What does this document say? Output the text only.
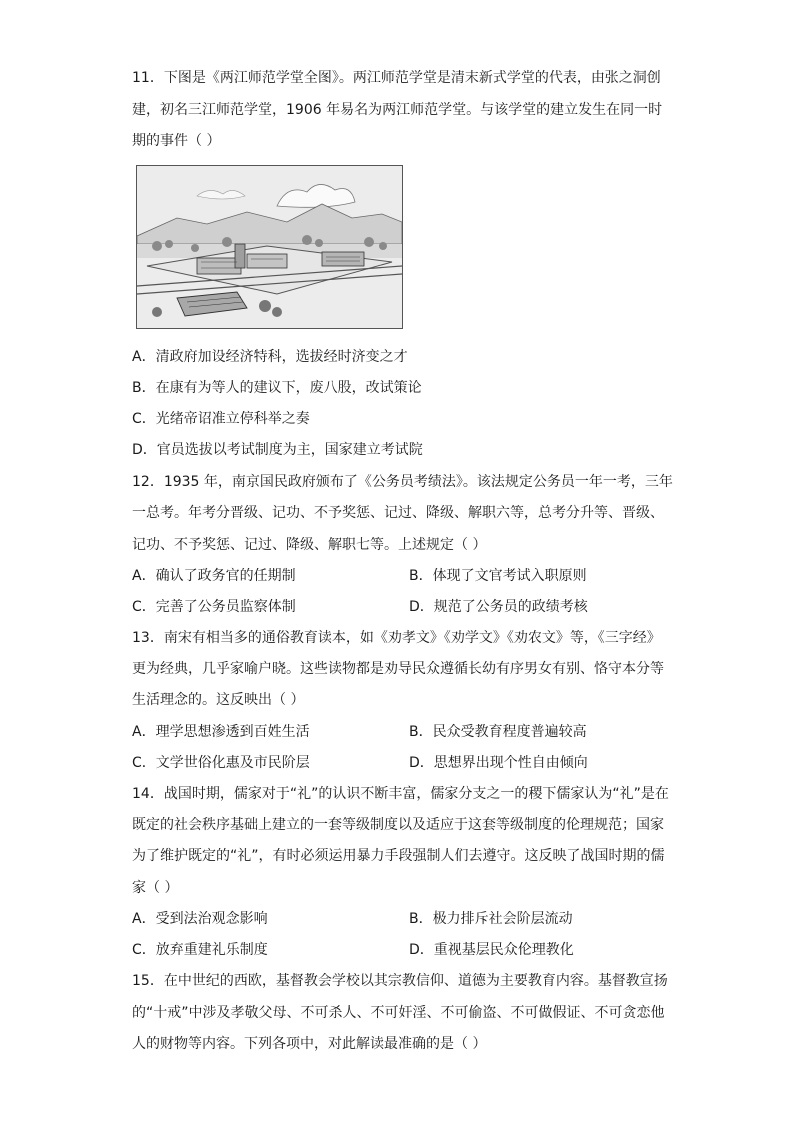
11．下图是《两江师范学堂全图》。两江师范学堂是清末新式学堂的代表，由张之洞创
建，初名三江师范学堂，1906 年易名为两江师范学堂。与该学堂的建立发生在同一时
期的事件（ ）
A．清政府加设经济特科，选拔经时济变之才
B．在康有为等人的建议下，废八股，改试策论
C．光绪帝诏准立停科举之奏
D．官员选拔以考试制度为主，国家建立考试院
12．1935 年，南京国民政府颁布了《公务员考绩法》。该法规定公务员一年一考，三年
一总考。年考分晋级、记功、不予奖惩、记过、降级、解职六等，总考分升等、晋级、
记功、不予奖惩、记过、降级、解职七等。上述规定（ ）
A．确认了政务官的任期制	B．体现了文官考试入职原则
C．完善了公务员监察体制	D．规范了公务员的政绩考核
13．南宋有相当多的通俗教育读本，如《劝孝文》《劝学文》《劝农文》等，《三字经》
更为经典，几乎家喻户晓。这些读物都是劝导民众遵循长幼有序男女有别、恪守本分等
生活理念的。这反映出（ ）
A．理学思想渗透到百姓生活	B．民众受教育程度普遍较高
C．文学世俗化惠及市民阶层	D．思想界出现个性自由倾向
14．战国时期，儒家对于“礼”的认识不断丰富，儒家分支之一的稷下儒家认为“礼”是在
既定的社会秩序基础上建立的一套等级制度以及适应于这套等级制度的伦理规范；国家
为了维护既定的“礼”，有时必须运用暴力手段强制人们去遵守。这反映了战国时期的儒
家（ ）
A．受到法治观念影响	B．极力排斥社会阶层流动
C．放弃重建礼乐制度	D．重视基层民众伦理教化
15．在中世纪的西欧，基督教会学校以其宗教信仰、道德为主要教育内容。基督教宣扬
的“十戒”中涉及孝敬父母、不可杀人、不可奸淫、不可偷盗、不可做假证、不可贪恋他
人的财物等内容。下列各项中，对此解读最准确的是（ ）
